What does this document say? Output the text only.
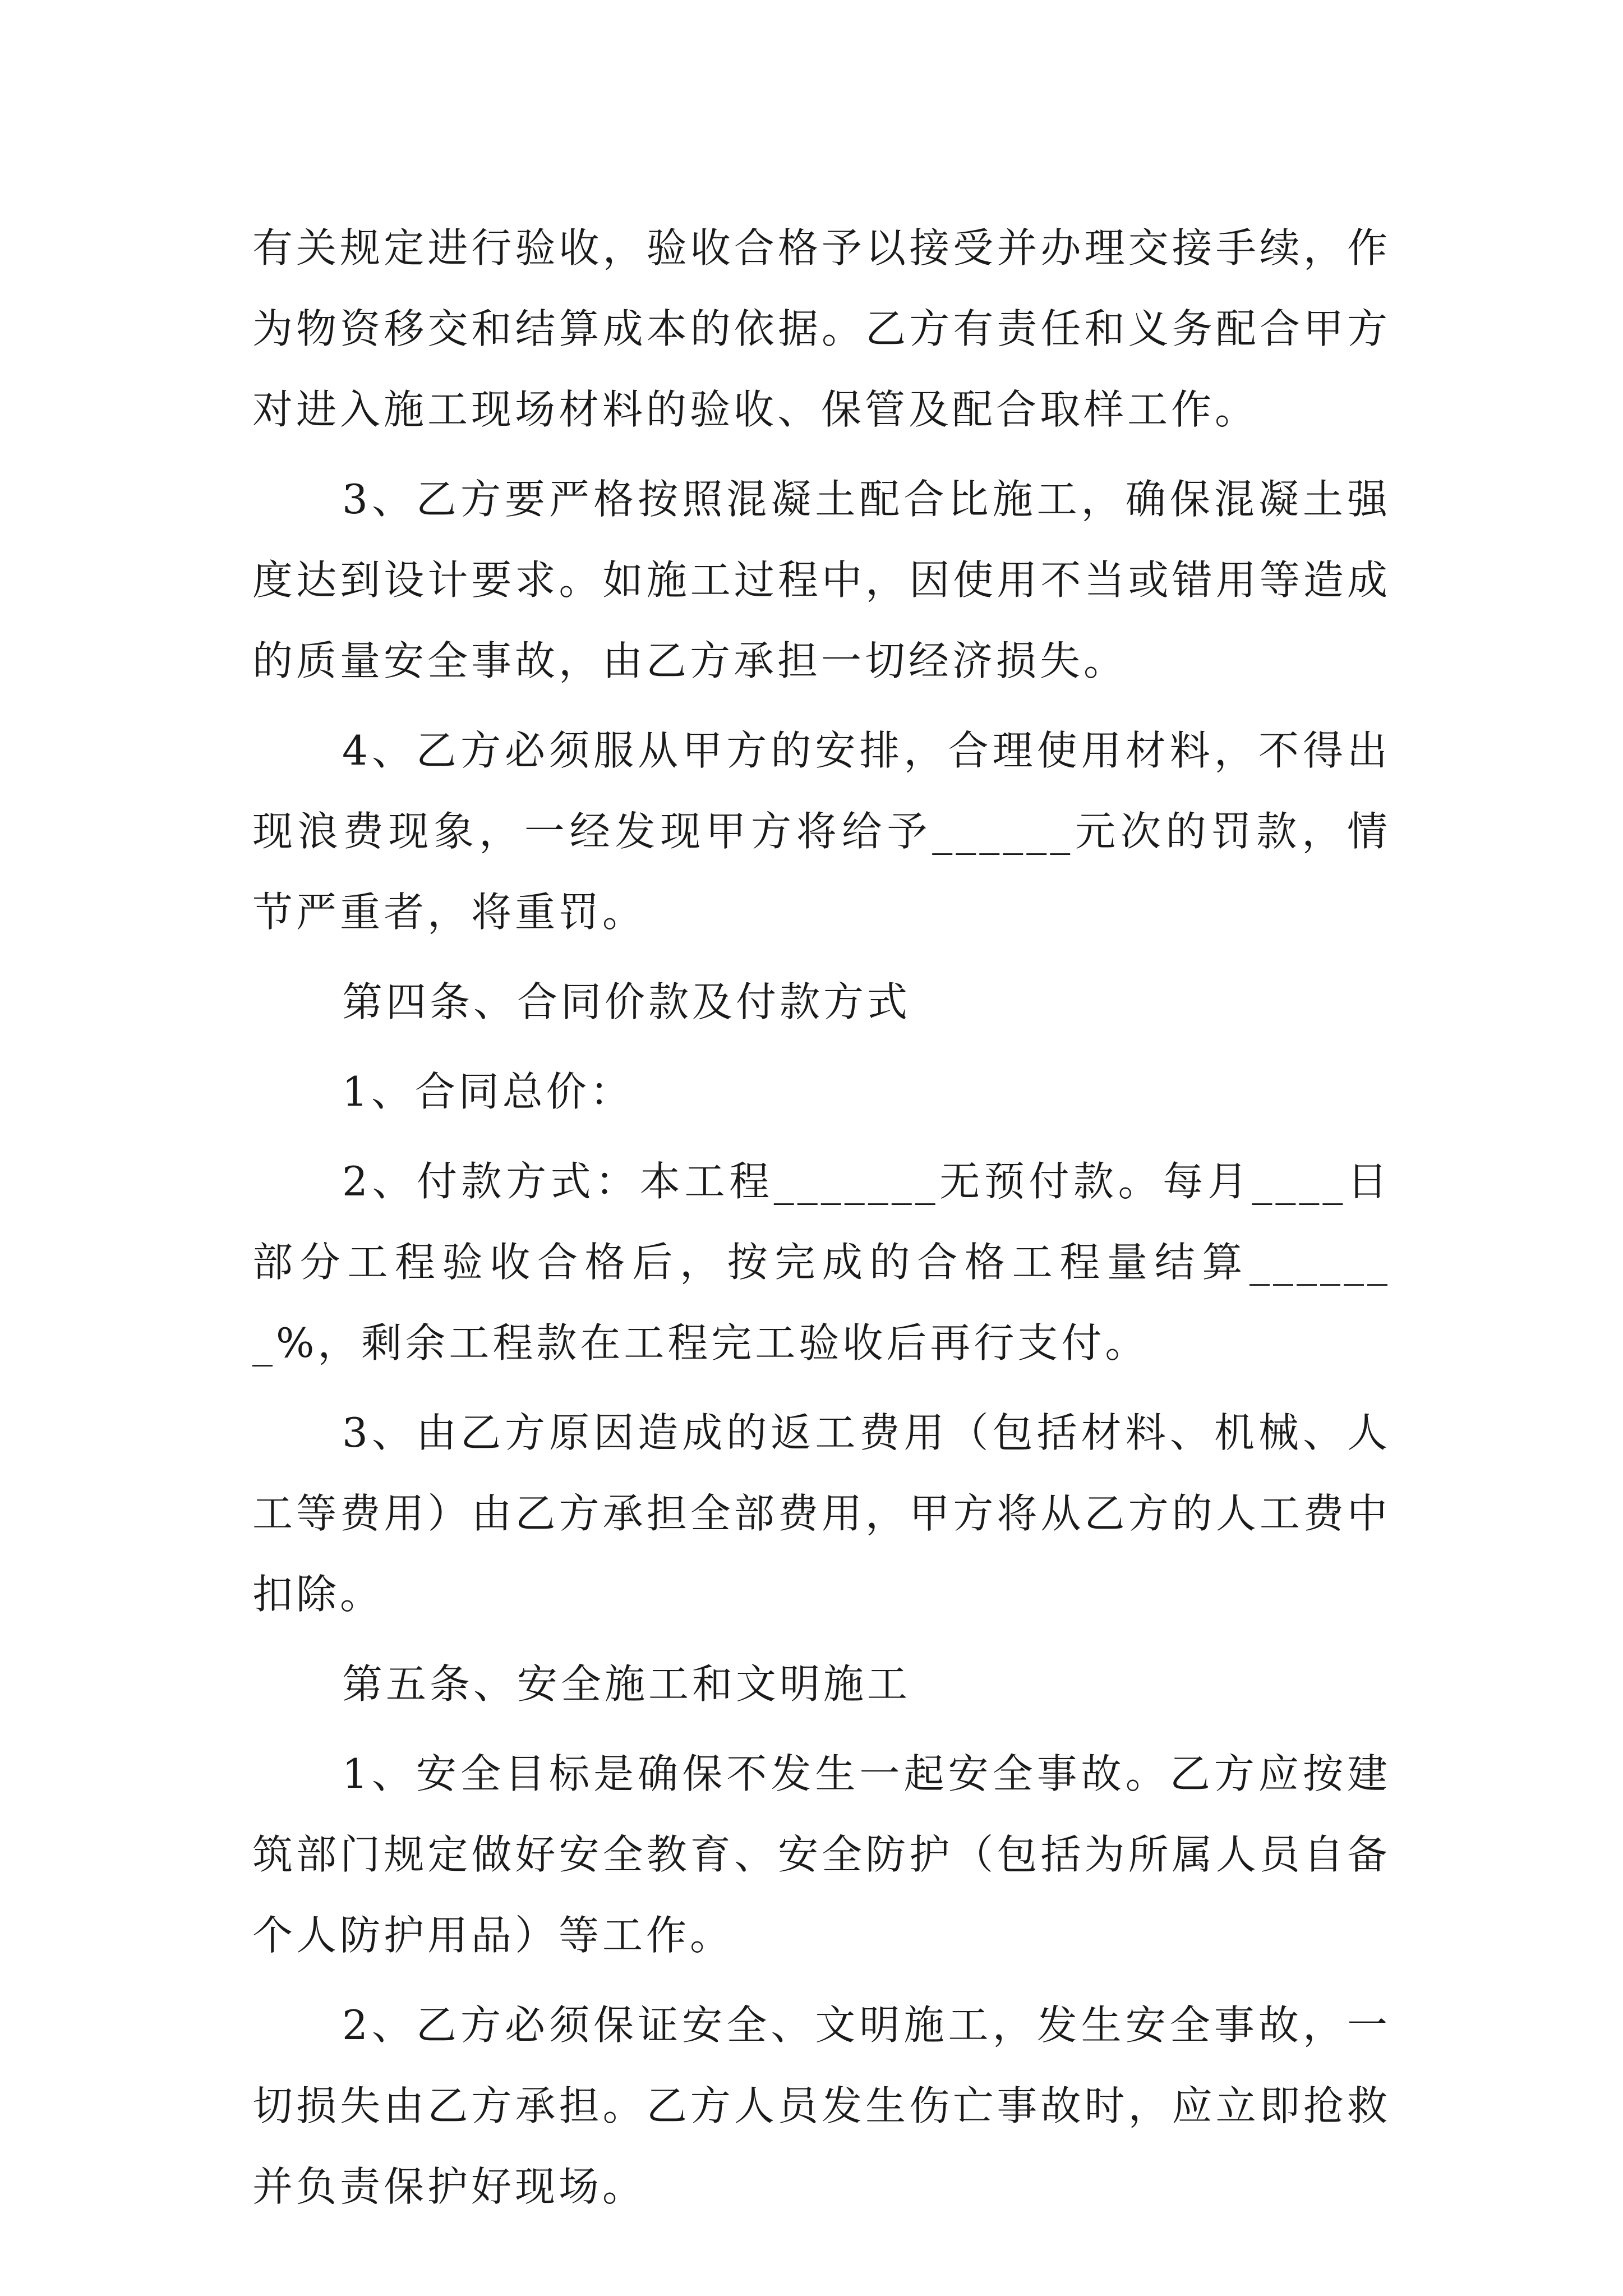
有关规定进行验收，验收合格予以接受并办理交接手续，作为物资移交和结算成本的依据。乙方有责任和义务配合甲方对进入施工现场材料的验收、保管及配合取样工作。

3、乙方要严格按照混凝土配合比施工，确保混凝土强度达到设计要求。如施工过程中，因使用不当或错用等造成的质量安全事故，由乙方承担一切经济损失。

4、乙方必须服从甲方的安排，合理使用材料，不得出现浪费现象，一经发现甲方将给予______元次的罚款，情节严重者，将重罚。

第四条、合同价款及付款方式

1、合同总价：

2、付款方式：本工程_______无预付款。每月____日部分工程验收合格后，按完成的合格工程量结算_______%，剩余工程款在工程完工验收后再行支付。

3、由乙方原因造成的返工费用（包括材料、机械、人工等费用）由乙方承担全部费用，甲方将从乙方的人工费中扣除。

第五条、安全施工和文明施工

1、安全目标是确保不发生一起安全事故。乙方应按建筑部门规定做好安全教育、安全防护（包括为所属人员自备个人防护用品）等工作。

2、乙方必须保证安全、文明施工，发生安全事故，一切损失由乙方承担。乙方人员发生伤亡事故时，应立即抢救并负责保护好现场。
